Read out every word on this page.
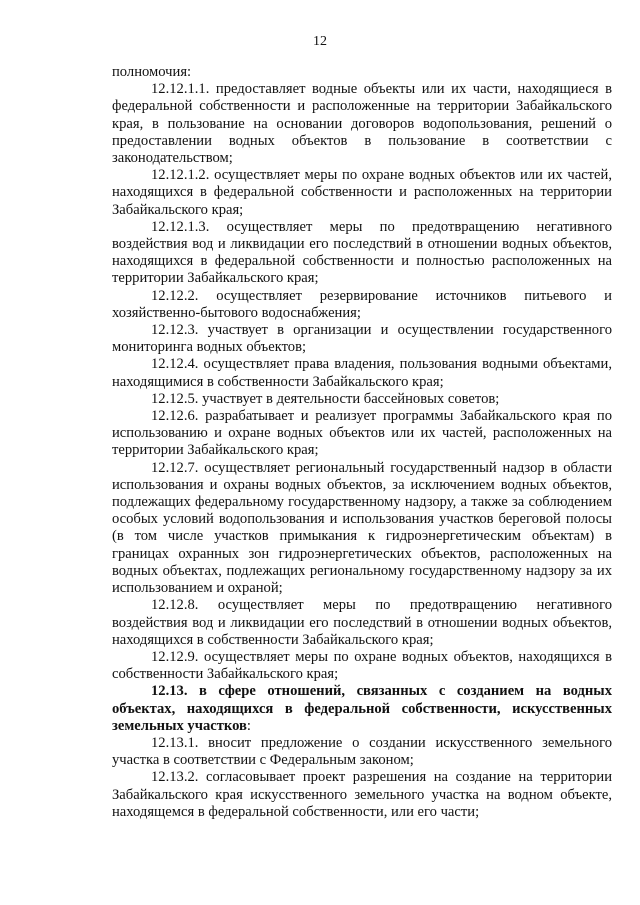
12

полномочия:

12.12.1.1. предоставляет водные объекты или их части, находящиеся в федеральной собственности и расположенные на территории Забайкальского края, в пользование на основании договоров водопользования, решений о предоставлении водных объектов в пользование в соответствии с законодательством;

12.12.1.2. осуществляет меры по охране водных объектов или их частей, находящихся в федеральной собственности и расположенных на территории Забайкальского края;

12.12.1.3. осуществляет меры по предотвращению негативного воздействия вод и ликвидации его последствий в отношении водных объектов, находящихся в федеральной собственности и полностью расположенных на территории Забайкальского края;

12.12.2. осуществляет резервирование источников питьевого и хозяйственно-бытового водоснабжения;

12.12.3. участвует в организации и осуществлении государственного мониторинга водных объектов;

12.12.4. осуществляет права владения, пользования водными объектами, находящимися в собственности Забайкальского края;

12.12.5. участвует в деятельности бассейновых советов;

12.12.6. разрабатывает и реализует программы Забайкальского края по использованию и охране водных объектов или их частей, расположенных на территории Забайкальского края;

12.12.7. осуществляет региональный государственный надзор в области использования и охраны водных объектов, за исключением водных объектов, подлежащих федеральному государственному надзору, а также за соблюдением особых условий водопользования и использования участков береговой полосы (в том числе участков примыкания к гидроэнергетическим объектам) в границах охранных зон гидроэнергетических объектов, расположенных на водных объектах, подлежащих региональному государственному надзору за их использованием и охраной;

12.12.8. осуществляет меры по предотвращению негативного воздействия вод и ликвидации его последствий в отношении водных объектов, находящихся в собственности Забайкальского края;

12.12.9. осуществляет меры по охране водных объектов, находящихся в собственности Забайкальского края;

12.13. в сфере отношений, связанных с созданием на водных объектах, находящихся в федеральной собственности, искусственных земельных участков:

12.13.1. вносит предложение о создании искусственного земельного участка в соответствии с Федеральным законом;

12.13.2. согласовывает проект разрешения на создание на территории Забайкальского края искусственного земельного участка на водном объекте, находящемся в федеральной собственности, или его части;
